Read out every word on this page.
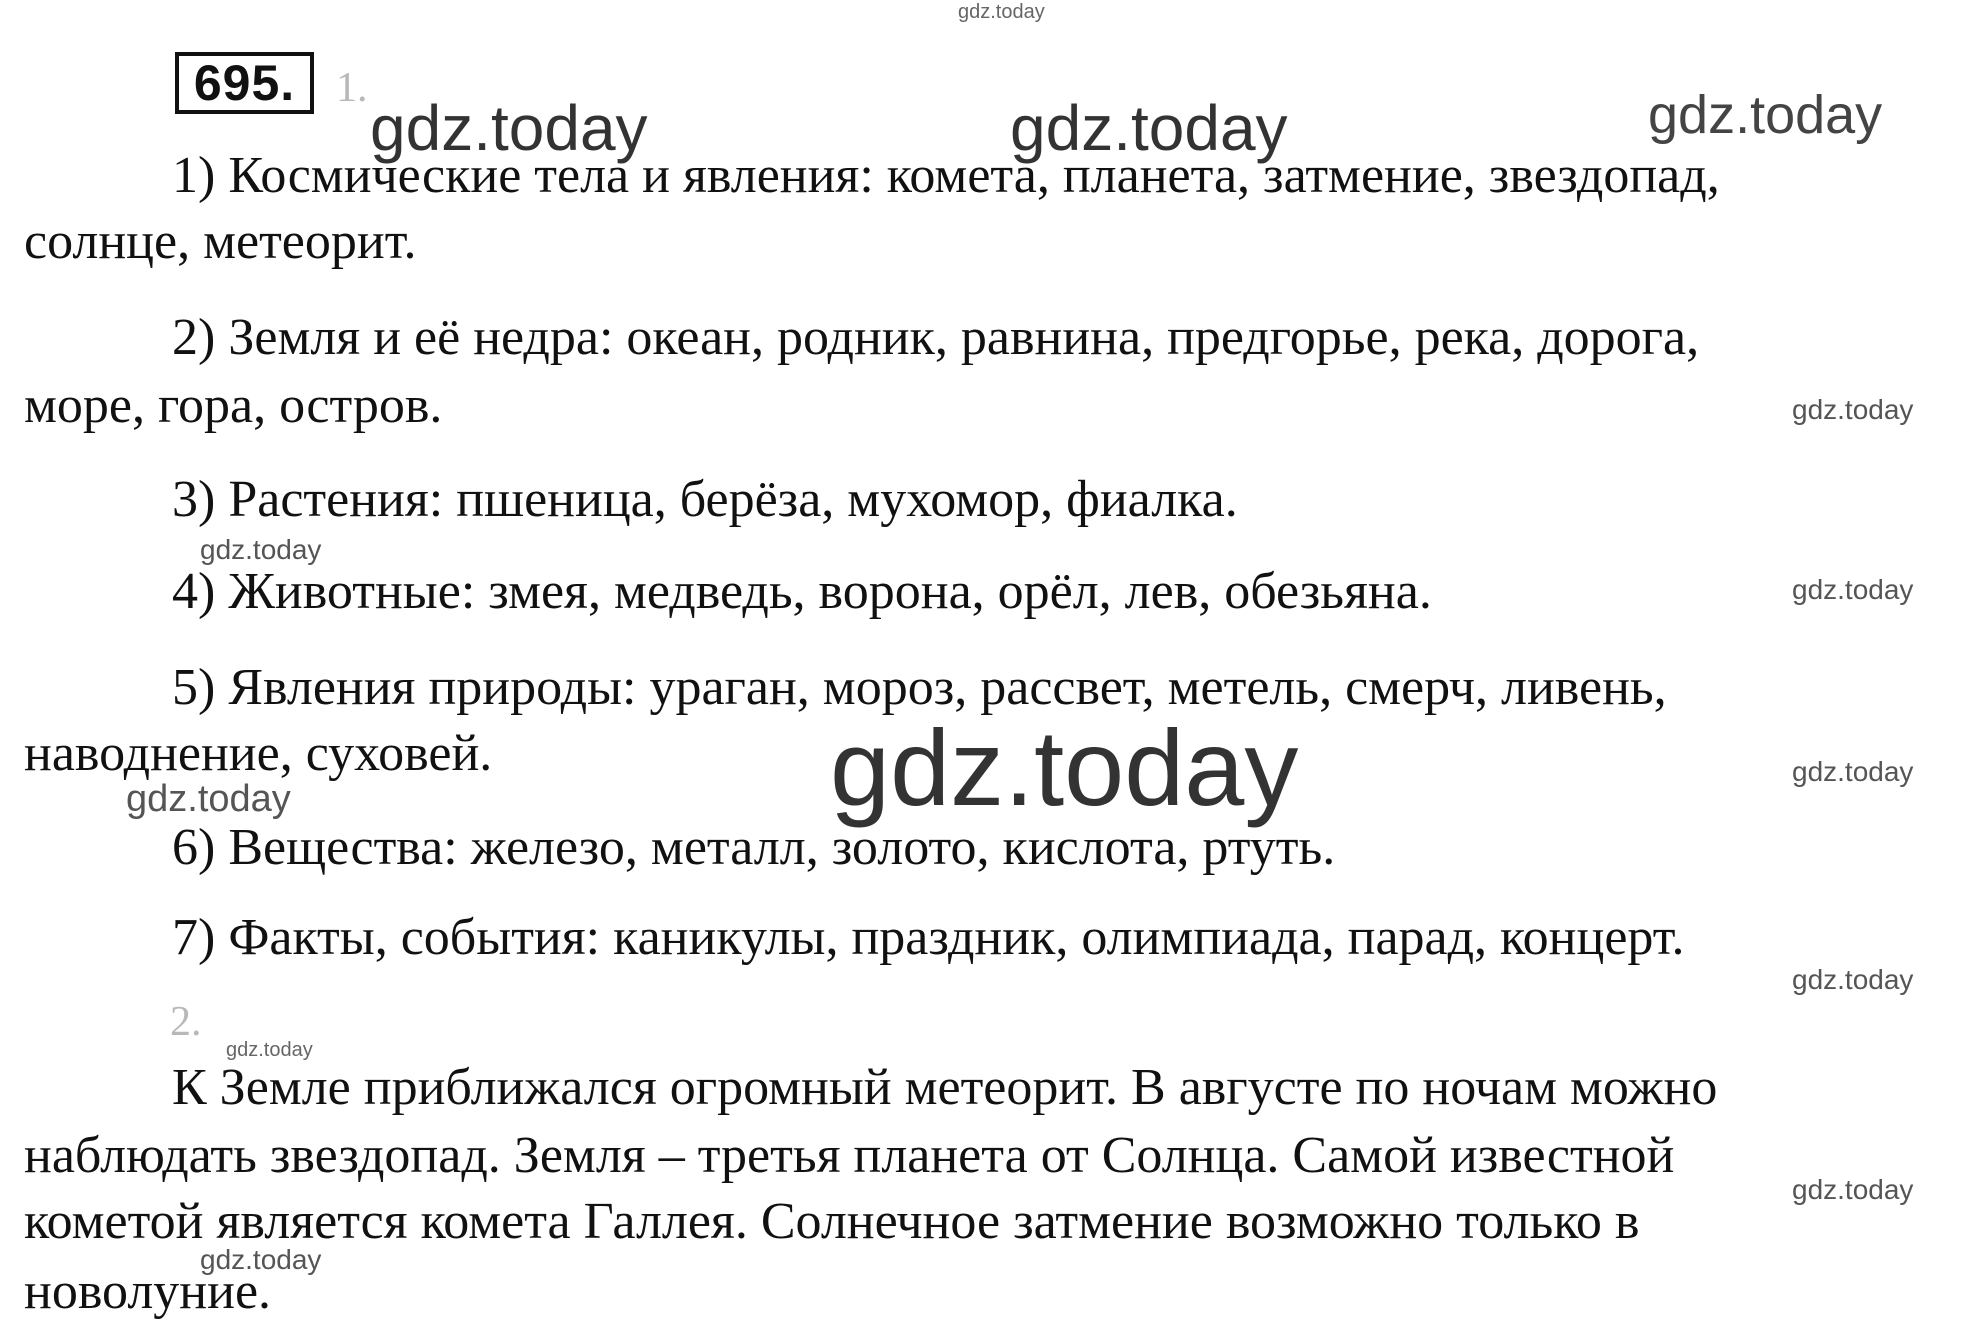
gdz.today
695. 1.
gdz.today	gdz.today	gdz.today
1) Космические тела и явления: комета, планета, затмение, звездопад,
солнце, метеорит.
2) Земля и её недра: океан, родник, равнина, предгорье, река, дорога,
море, гора, остров.	gdz.today
3) Растения: пшеница, берёза, мухомор, фиалка.
gdz.today
4) Животные: змея, медведь, ворона, орёл, лев, обезьяна.	gdz.today
5) Явления природы: ураган, мороз, рассвет, метель, смерч, ливень,
наводнение, суховей.	gdz.today
gdz.today
gdz.today
6) Вещества: железо, металл, золото, кислота, ртуть.
7) Факты, события: каникулы, праздник, олимпиада, парад, концерт.
gdz.today
2.
gdz.today
К Земле приближался огромный метеорит. В августе по ночам можно
наблюдать звездопад. Земля – третья планета от Солнца. Самой известной
gdz.today
кометой является комета Галлея. Солнечное затмение возможно только в
gdz.today
новолуние.
